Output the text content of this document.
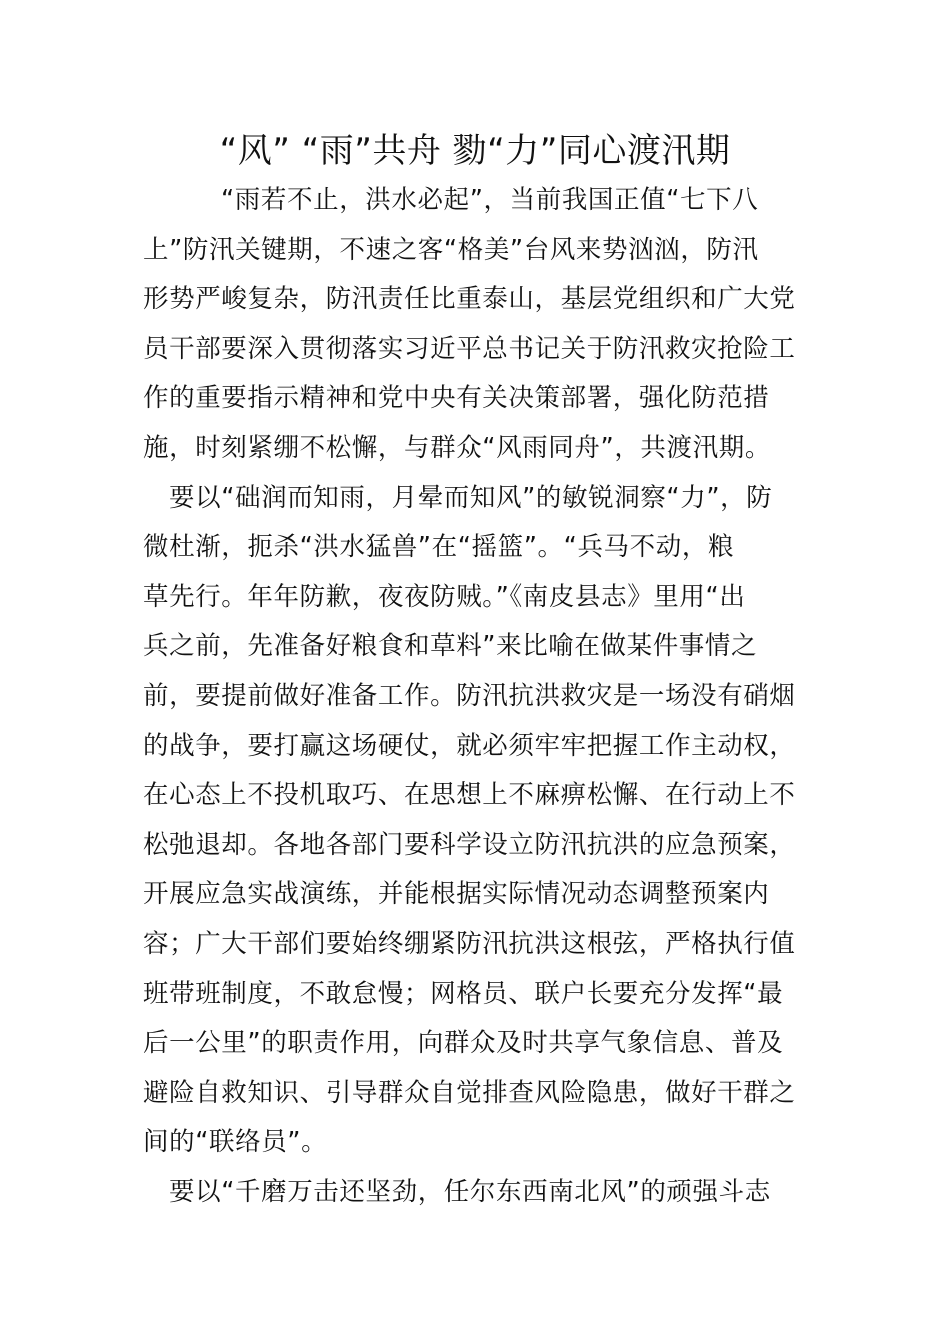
“风” “雨”共舟 勠“力”同心渡汛期
“雨若不止，洪水必起”，当前我国正值“七下八
上”防汛关键期，不速之客“格美”台风来势汹汹，防汛
形势严峻复杂，防汛责任比重泰山，基层党组织和广大党
员干部要深入贯彻落实习近平总书记关于防汛救灾抢险工
作的重要指示精神和党中央有关决策部署，强化防范措
施，时刻紧绷不松懈，与群众“风雨同舟”，共渡汛期。
要以“础润而知雨，月晕而知风”的敏锐洞察“力”，防
微杜渐，扼杀“洪水猛兽”在“摇篮”。“兵马不动，粮
草先行。年年防歉，夜夜防贼。”《南皮县志》里用“出
兵之前，先准备好粮食和草料”来比喻在做某件事情之
前，要提前做好准备工作。防汛抗洪救灾是一场没有硝烟
的战争，要打赢这场硬仗，就必须牢牢把握工作主动权，
在心态上不投机取巧、在思想上不麻痹松懈、在行动上不
松弛退却。各地各部门要科学设立防汛抗洪的应急预案，
开展应急实战演练，并能根据实际情况动态调整预案内
容；广大干部们要始终绷紧防汛抗洪这根弦，严格执行值
班带班制度，不敢怠慢；网格员、联户长要充分发挥“最
后一公里”的职责作用，向群众及时共享气象信息、普及
避险自救知识、引导群众自觉排查风险隐患，做好干群之
间的“联络员”。
要以“千磨万击还坚劲，任尔东西南北风”的顽强斗志
